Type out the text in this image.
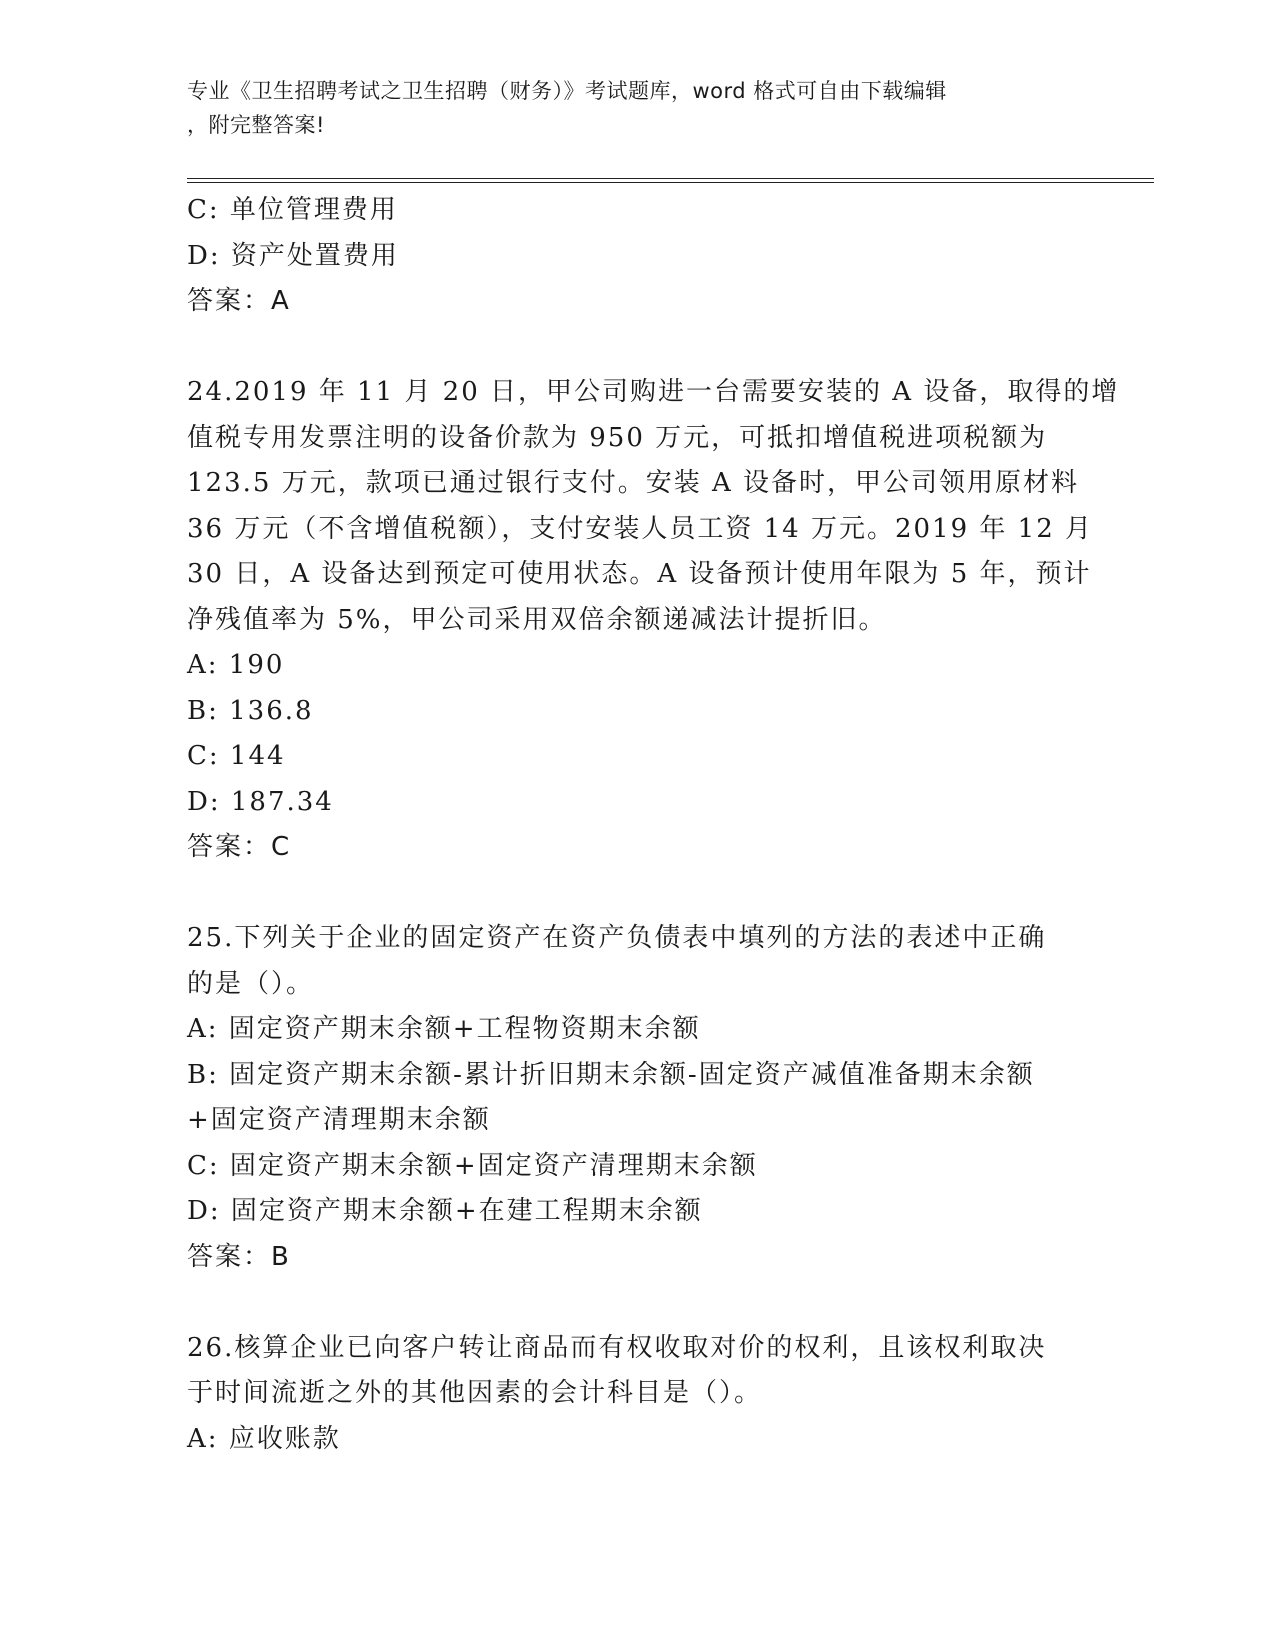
专业《卫生招聘考试之卫生招聘（财务）》考试题库，word 格式可自由下载编辑
，附完整答案!
C: 单位管理费用
D: 资产处置费用
答案：A
24.2019 年 11 月 20 日，甲公司购进一台需要安装的 A 设备，取得的增
值税专用发票注明的设备价款为 950 万元，可抵扣增值税进项税额为
123.5 万元，款项已通过银行支付。安装 A 设备时，甲公司领用原材料
36 万元（不含增值税额），支付安装人员工资 14 万元。2019 年 12 月
30 日，A 设备达到预定可使用状态。A 设备预计使用年限为 5 年，预计
净残值率为 5%，甲公司采用双倍余额递减法计提折旧。
A: 190
B: 136.8
C: 144
D: 187.34
答案：C
25.下列关于企业的固定资产在资产负债表中填列的方法的表述中正确
的是（）。
A: 固定资产期末余额+工程物资期末余额
B: 固定资产期末余额-累计折旧期末余额-固定资产减值准备期末余额
+固定资产清理期末余额
C: 固定资产期末余额+固定资产清理期末余额
D: 固定资产期末余额+在建工程期末余额
答案：B
26.核算企业已向客户转让商品而有权收取对价的权利，且该权利取决
于时间流逝之外的其他因素的会计科目是（）。
A: 应收账款
